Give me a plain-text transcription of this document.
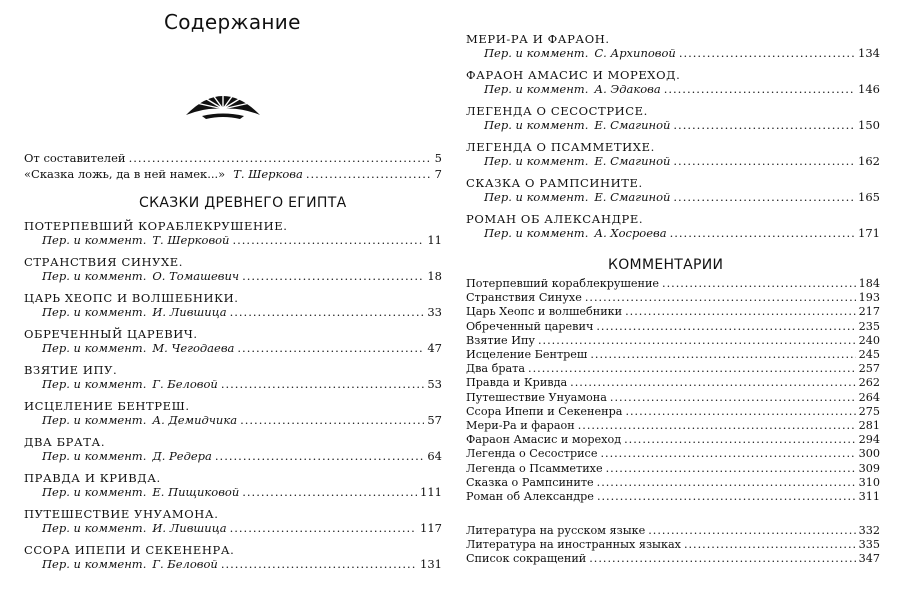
Содержание
От составителей .....	5
«Сказка ложь, да в ней намек...» Т. Шеркова .....	7
СКАЗКИ ДРЕВНЕГО ЕГИПТА
ПОТЕРПЕВШИЙ КОРАБЛЕКРУШЕНИЕ.
Пер. и коммент. Т. Шерковой .....	11
СТРАНСТВИЯ СИНУХЕ.
Пер. и коммент. О. Томашевич .....	18
ЦАРЬ ХЕОПС И ВОЛШЕБНИКИ.
Пер. и коммент. И. Лившица .....	33
ОБРЕЧЕННЫЙ ЦАРЕВИЧ.
Пер. и коммент. М. Чегодаева .....	47
ВЗЯТИЕ ИПУ.
Пер. и коммент. Г. Беловой .....	53
ИСЦЕЛЕНИЕ БЕНТРЕШ.
Пер. и коммент. А. Демидчика .....	57
ДВА БРАТА.
Пер. и коммент. Д. Редера .....	64
ПРАВДА И КРИВДА.
Пер. и коммент. Е. Пищиковой .....	111
ПУТЕШЕСТВИЕ УНУАМОНА.
Пер. и коммент. И. Лившица .....	117
ССОРА ИПЕПИ И СЕКЕНЕНРА.
Пер. и коммент. Г. Беловой .....	131
МЕРИ-РА И ФАРАОН.
Пер. и коммент. С. Архиповой .....	134
ФАРАОН АМАСИС И МОРЕХОД.
Пер. и коммент. А. Эдакова .....	146
ЛЕГЕНДА О СЕСОСТРИСЕ.
Пер. и коммент. Е. Смагиной .....	150
ЛЕГЕНДА О ПСАММЕТИХЕ.
Пер. и коммент. Е. Смагиной .....	162
СКАЗКА О РАМПСИНИТЕ.
Пер. и коммент. Е. Смагиной .....	165
РОМАН ОБ АЛЕКСАНДРЕ.
Пер. и коммент. А. Хосроева .....	171
КОММЕНТАРИИ
Потерпевший кораблекрушение .....	184
Странствия Синухе .....	193
Царь Хеопс и волшебники .....	217
Обреченный царевич .....	235
Взятие Ипу .....	240
Исцеление Бентреш .....	245
Два брата .....	257
Правда и Кривда .....	262
Путешествие Унуамона .....	264
Ссора Ипепи и Секененра .....	275
Мери-Ра и фараон .....	281
Фараон Амасис и мореход .....	294
Легенда о Сесострисе .....	300
Легенда о Псамметихе .....	309
Сказка о Рампсините .....	310
Роман об Александре .....	311
Литература на русском языке .....	332
Литература на иностранных языках .....	335
Список сокращений .....	347
